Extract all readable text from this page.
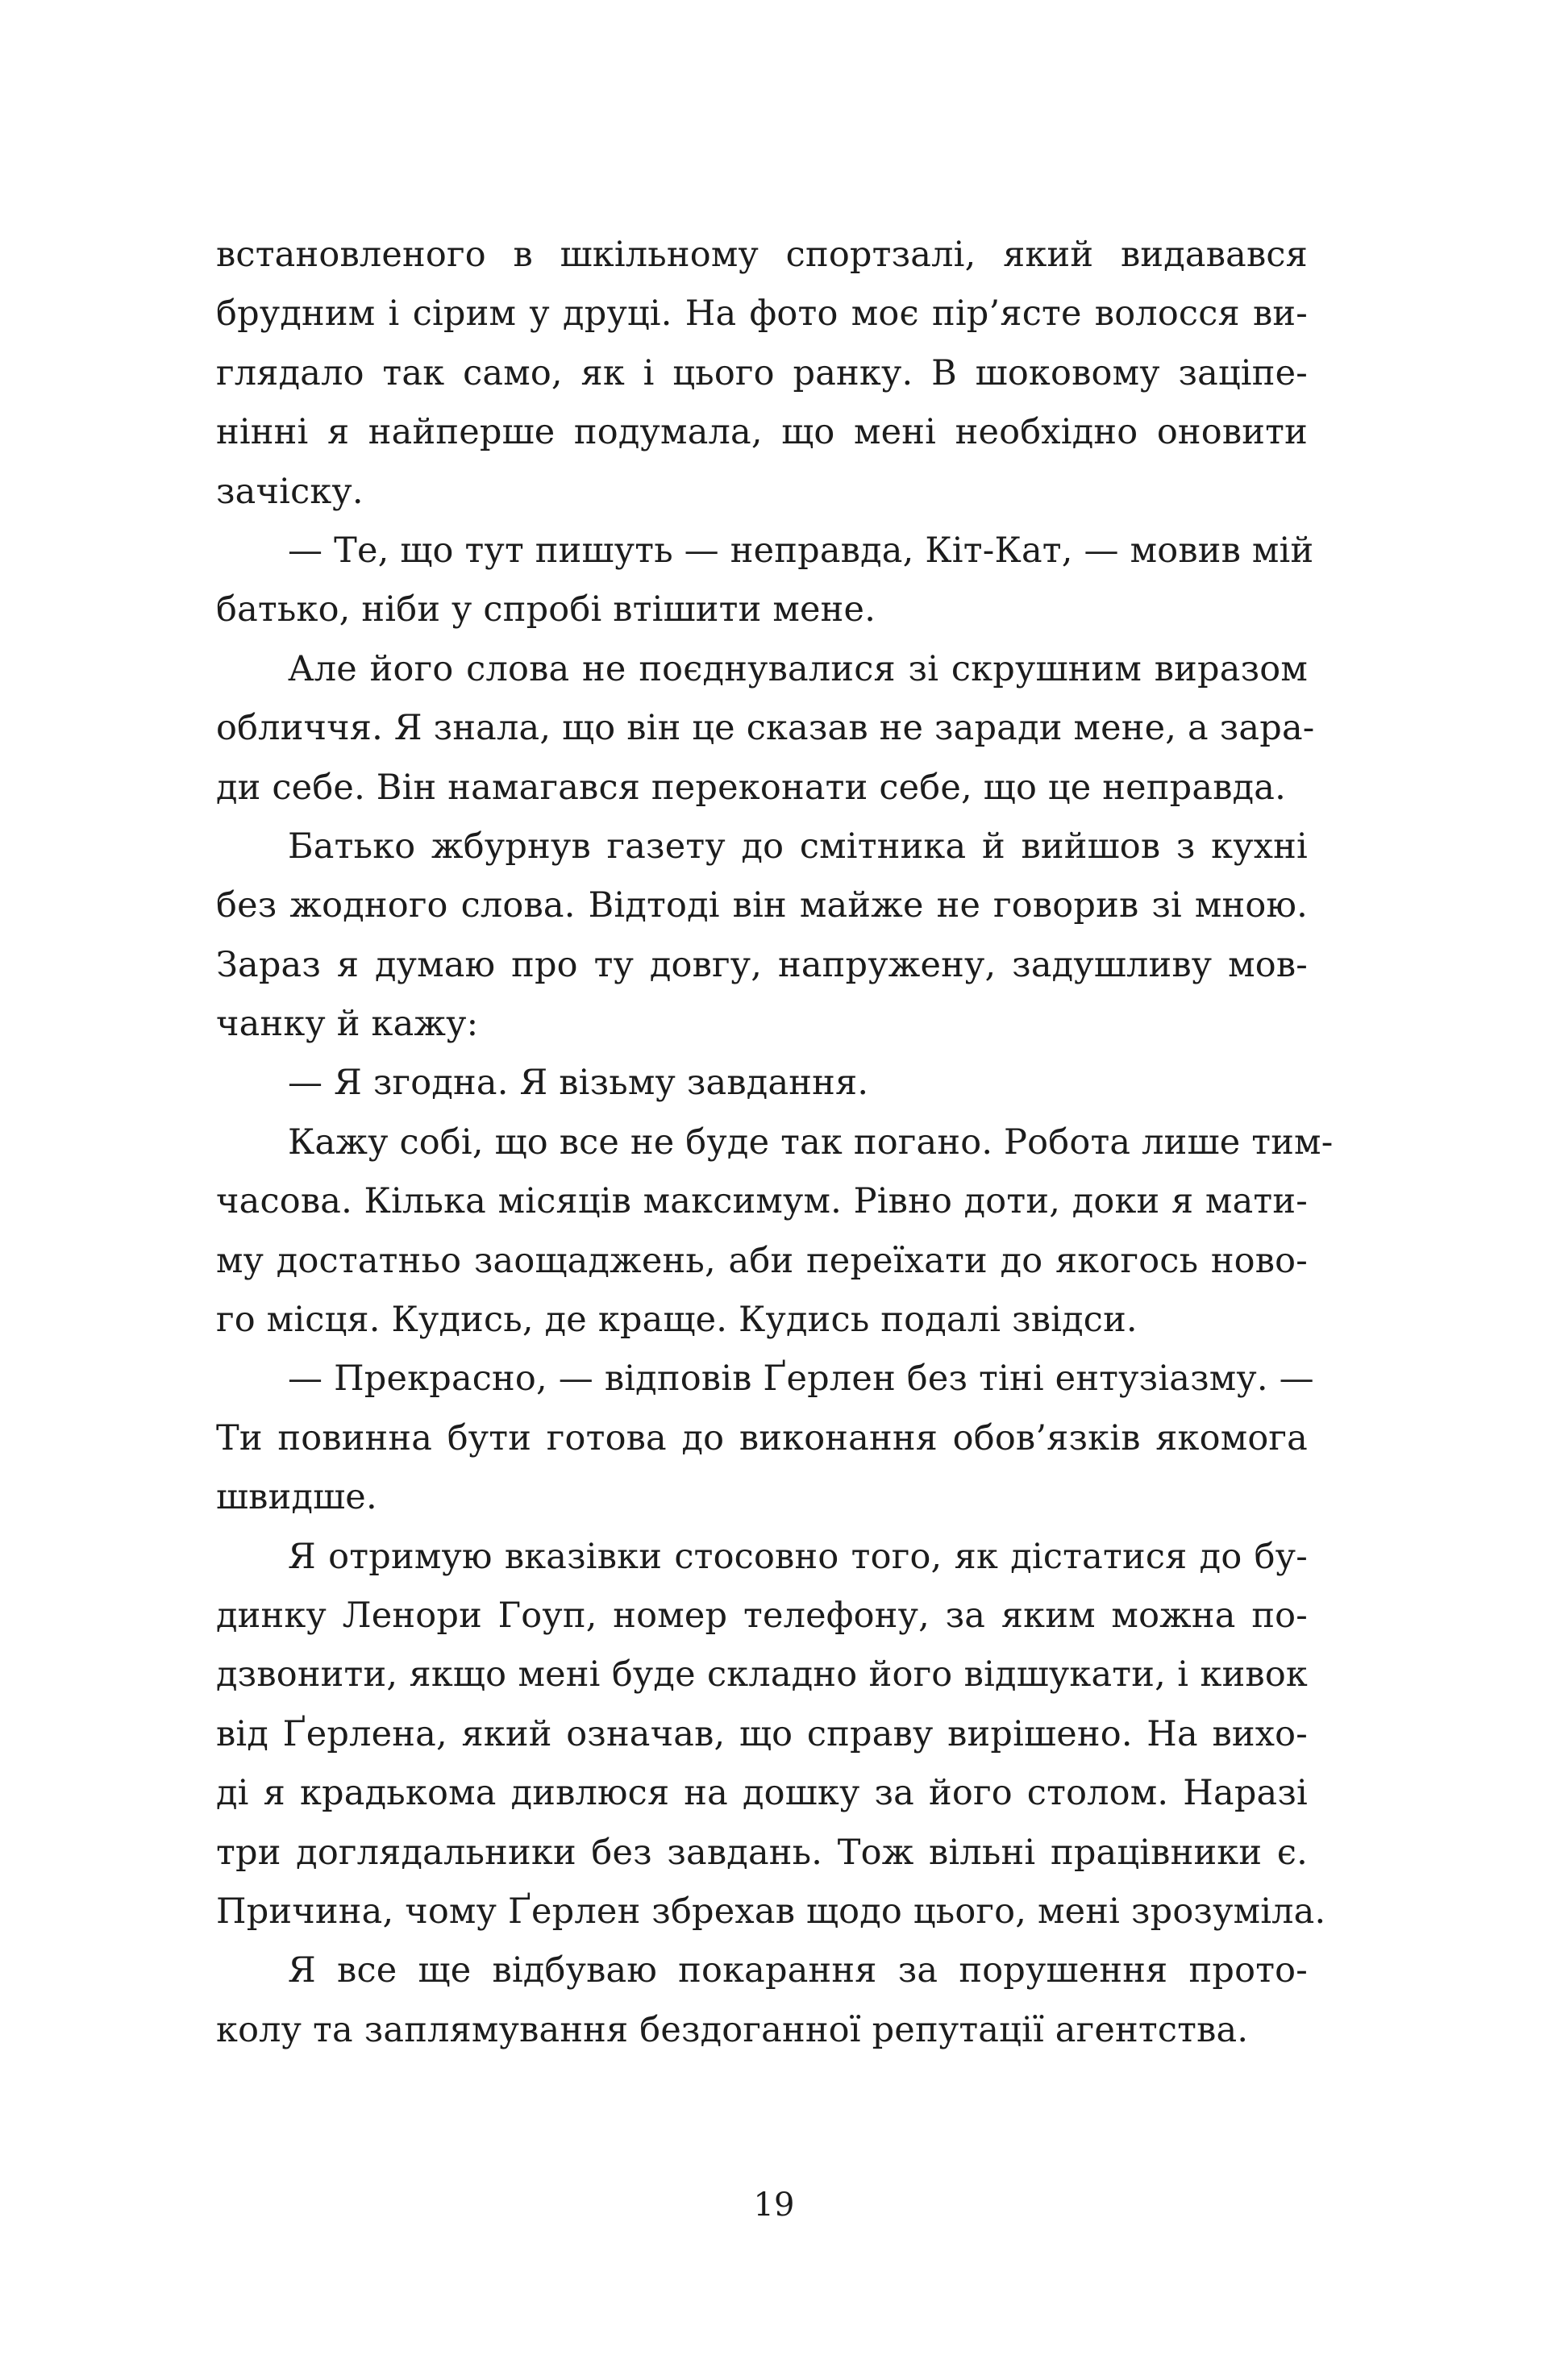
встановленого в шкільному спортзалі, який видавався
брудним і сірим у друці. На фото моє пір’ясте волосся ви-
глядало так само, як і цього ранку. В шоковому заціпе-
нінні я найперше подумала, що мені необхідно оновити
зачіску.
— Те, що тут пишуть — неправда, Кіт-Кат, — мовив мій
батько, ніби у спробі втішити мене.
Але його слова не поєднувалися зі скрушним виразом
обличчя. Я знала, що він це сказав не заради мене, а зара-
ди себе. Він намагався переконати себе, що це неправда.
Батько жбурнув газету до смітника й вийшов з кухні
без жодного слова. Відтоді він майже не говорив зі мною.
Зараз я думаю про ту довгу, напружену, задушливу мов-
чанку й кажу:
— Я згодна. Я візьму завдання.
Кажу собі, що все не буде так погано. Робота лише тим-
часова. Кілька місяців максимум. Рівно доти, доки я мати-
му достатньо заощаджень, аби переїхати до якогось ново-
го місця. Кудись, де краще. Кудись подалі звідси.
— Прекрасно, — відповів Ґерлен без тіні ентузіазму. —
Ти повинна бути готова до виконання обов’язків якомога
швидше.
Я отримую вказівки стосовно того, як дістатися до бу-
динку Ленори Гоуп, номер телефону, за яким можна по-
дзвонити, якщо мені буде складно його відшукати, і кивок
від Ґерлена, який означав, що справу вирішено. На вихо-
ді я крадькома дивлюся на дошку за його столом. Наразі
три доглядальники без завдань. Тож вільні працівники є.
Причина, чому Ґерлен збрехав щодо цього, мені зрозуміла.
Я все ще відбуваю покарання за порушення прото-
колу та заплямування бездоганної репутації агентства.
19
